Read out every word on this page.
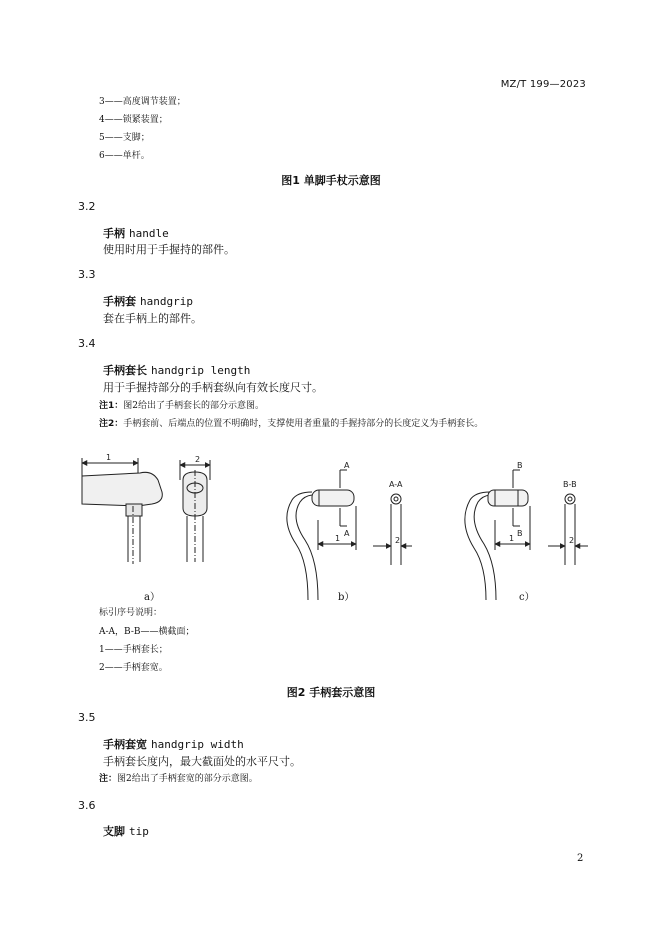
MZ/T 199—2023
3——高度调节装置；
4——锁紧装置；
5——支脚；
6——单杆。
图1 单脚手杖示意图
3.2
手柄 handle
使用时用于手握持的部件。
3.3
手柄套 handgrip
套在手柄上的部件。
3.4
手柄套长 handgrip length
用于手握持部分的手柄套纵向有效长度尺寸。
注1：图2给出了手柄套长的部分示意图。
注2：手柄套前、后端点的位置不明确时，支撑使用者重量的手握持部分的长度定义为手柄套长。
1	2
A
A
A-A
1	2
B
B
B-B
1	2
a）	b）	c）
标引序号说明：
A-A，B-B——横截面；
1——手柄套长；
2——手柄套宽。
图2 手柄套示意图
3.5
手柄套宽 handgrip width
手柄套长度内，最大截面处的水平尺寸。
注：图2给出了手柄套宽的部分示意图。
3.6
支脚 tip
2
